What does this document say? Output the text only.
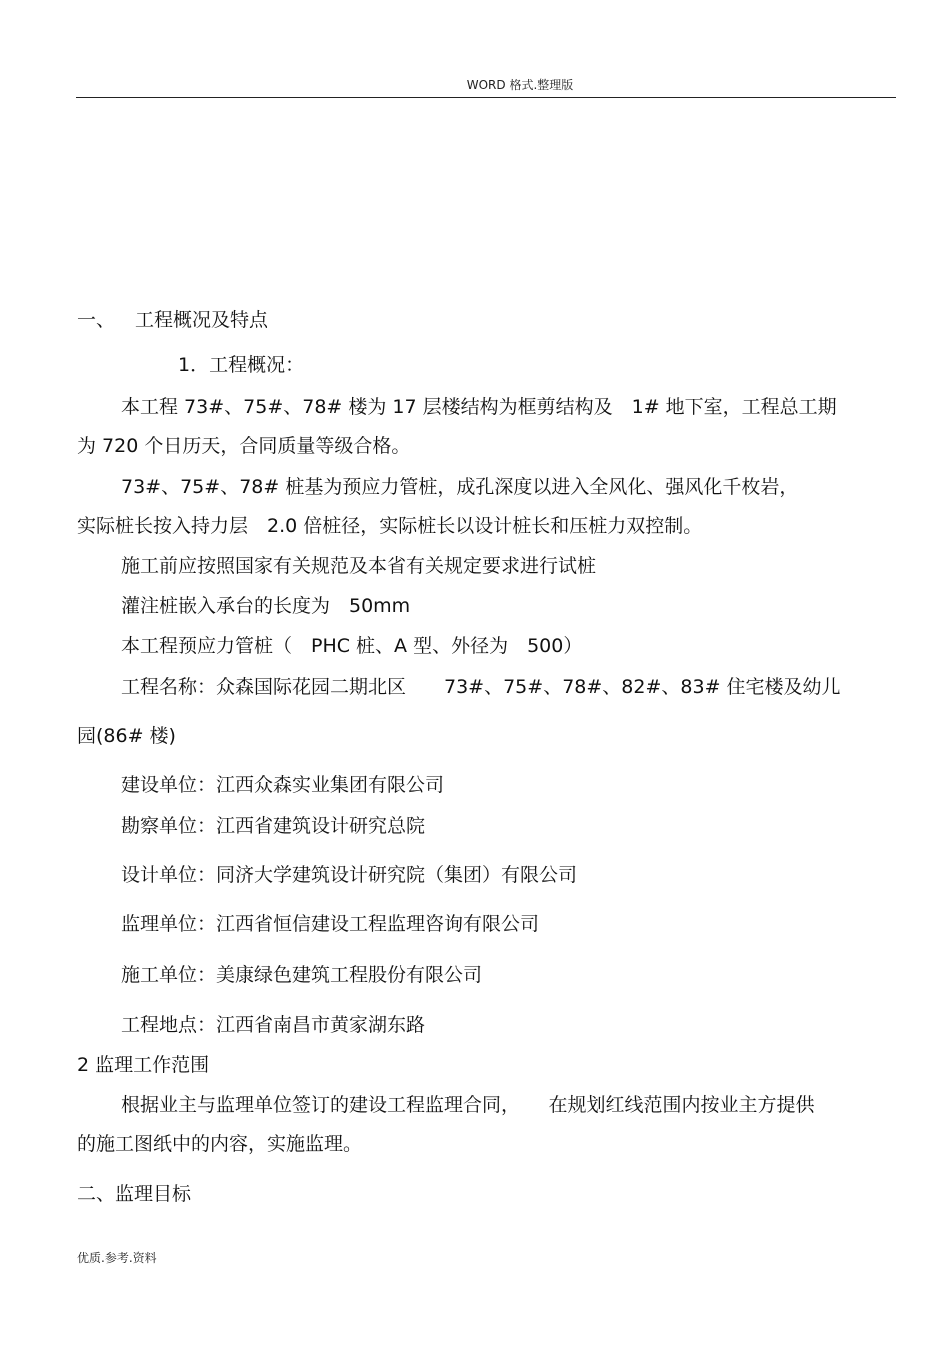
WORD 格式.整理版
一、 工程概况及特点
1．工程概况：
本工程 73#、75#、78# 楼为 17 层楼结构为框剪结构及　1# 地下室，工程总工期
为 720 个日历天，合同质量等级合格。
73#、75#、78# 桩基为预应力管桩，成孔深度以进入全风化、强风化千枚岩，
实际桩长按入持力层　2.0 倍桩径，实际桩长以设计桩长和压桩力双控制。
施工前应按照国家有关规范及本省有关规定要求进行试桩
灌注桩嵌入承台的长度为　50mm
本工程预应力管桩（　PHC 桩、A 型、外径为　500）
工程名称：众森国际花园二期北区　　73#、75#、78#、82#、83# 住宅楼及幼儿
园(86# 楼)
建设单位：江西众森实业集团有限公司
勘察单位：江西省建筑设计研究总院
设计单位：同济大学建筑设计研究院（集团）有限公司
监理单位：江西省恒信建设工程监理咨询有限公司
施工单位：美康绿色建筑工程股份有限公司
工程地点：江西省南昌市黄家湖东路
2 监理工作范围
根据业主与监理单位签订的建设工程监理合同，　　在规划红线范围内按业主方提供
的施工图纸中的内容，实施监理。
二、监理目标
优质.参考.资料
